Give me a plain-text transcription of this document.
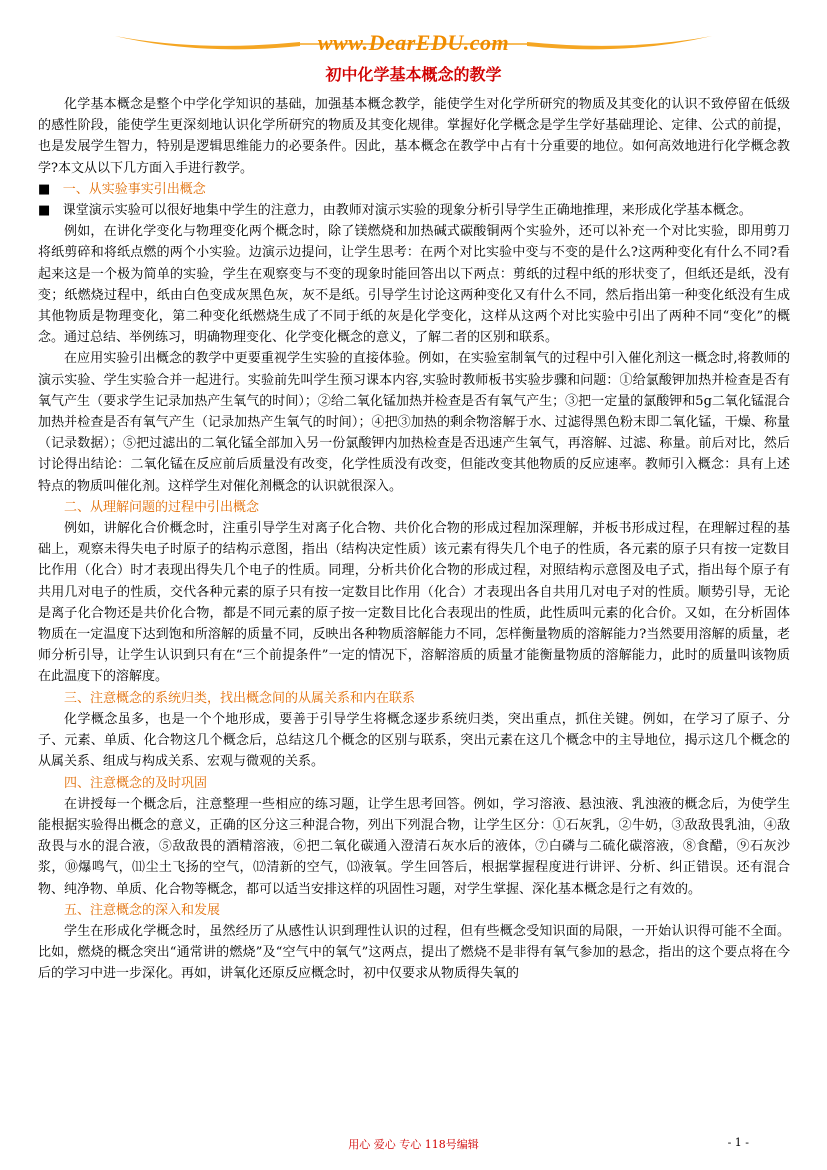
www.DearEDU.com
初中化学基本概念的教学

化学基本概念是整个中学化学知识的基础，加强基本概念教学，能使学生对化学所研究的物质及其变化的认识不致停留在低级的感性阶段，能使学生更深刻地认识化学所研究的物质及其变化规律。掌握好化学概念是学生学好基础理论、定律、公式的前提，也是发展学生智力，特别是逻辑思维能力的必要条件。因此，基本概念在教学中占有十分重要的地位。如何高效地进行化学概念教学?本文从以下几方面入手进行教学。

■ 一、从实验事实引出概念

■ 课堂演示实验可以很好地集中学生的注意力，由教师对演示实验的现象分析引导学生正确地推理，来形成化学基本概念。

例如，在讲化学变化与物理变化两个概念时，除了镁燃烧和加热碱式碳酸铜两个实验外，还可以补充一个对比实验，即用剪刀将纸剪碎和将纸点燃的两个小实验。边演示边提问，让学生思考：在两个对比实验中变与不变的是什么?这两种变化有什么不同?看起来这是一个极为简单的实验，学生在观察变与不变的现象时能回答出以下两点：剪纸的过程中纸的形状变了，但纸还是纸，没有变；纸燃烧过程中，纸由白色变成灰黑色灰，灰不是纸。引导学生讨论这两种变化又有什么不同，然后指出第一种变化纸没有生成其他物质是物理变化，第二种变化纸燃烧生成了不同于纸的灰是化学变化，这样从这两个对比实验中引出了两种不同“变化”的概念。通过总结、举例练习，明确物理变化、化学变化概念的意义，了解二者的区别和联系。

在应用实验引出概念的教学中更要重视学生实验的直接体验。例如，在实验室制氧气的过程中引入催化剂这一概念时,将教师的演示实验、学生实验合并一起进行。实验前先叫学生预习课本内容,实验时教师板书实验步骤和问题：①给氯酸钾加热并检查是否有氧气产生（要求学生记录加热产生氧气的时间）；②给二氧化锰加热并检查是否有氧气产生；③把一定量的氯酸钾和5g二氧化锰混合加热并检查是否有氧气产生（记录加热产生氧气的时间）；④把③加热的剩余物溶解于水、过滤得黑色粉末即二氧化锰，干燥、称量（记录数据）；⑤把过滤出的二氧化锰全部加入另一份氯酸钾内加热检查是否迅速产生氧气，再溶解、过滤、称量。前后对比，然后讨论得出结论：二氧化锰在反应前后质量没有改变，化学性质没有改变，但能改变其他物质的反应速率。教师引入概念：具有上述特点的物质叫催化剂。这样学生对催化剂概念的认识就很深入。

二、从理解问题的过程中引出概念

例如，讲解化合价概念时，注重引导学生对离子化合物、共价化合物的形成过程加深理解，并板书形成过程，在理解过程的基础上，观察未得失电子时原子的结构示意图，指出（结构决定性质）该元素有得失几个电子的性质，各元素的原子只有按一定数目比作用（化合）时才表现出得失几个电子的性质。同理，分析共价化合物的形成过程，对照结构示意图及电子式，指出每个原子有共用几对电子的性质，交代各种元素的原子只有按一定数目比作用（化合）才表现出各自共用几对电子对的性质。顺势引导，无论是离子化合物还是共价化合物，都是不同元素的原子按一定数目比化合表现出的性质，此性质叫元素的化合价。又如，在分析固体物质在一定温度下达到饱和所溶解的质量不同，反映出各种物质溶解能力不同，怎样衡量物质的溶解能力?当然要用溶解的质量，老师分析引导，让学生认识到只有在“三个前提条件”一定的情况下，溶解溶质的质量才能衡量物质的溶解能力，此时的质量叫该物质在此温度下的溶解度。

三、注意概念的系统归类，找出概念间的从属关系和内在联系

化学概念虽多，也是一个个地形成，要善于引导学生将概念逐步系统归类，突出重点，抓住关键。例如，在学习了原子、分子、元素、单质、化合物这几个概念后，总结这几个概念的区别与联系，突出元素在这几个概念中的主导地位，揭示这几个概念的从属关系、组成与构成关系、宏观与微观的关系。

四、注意概念的及时巩固

在讲授每一个概念后，注意整理一些相应的练习题，让学生思考回答。例如，学习溶液、悬浊液、乳浊液的概念后，为使学生能根据实验得出概念的意义，正确的区分这三种混合物，列出下列混合物，让学生区分：①石灰乳，②牛奶，③敌敌畏乳油，④敌敌畏与水的混合液，⑤敌敌畏的酒精溶液，⑥把二氧化碳通入澄清石灰水后的液体，⑦白磷与二硫化碳溶液，⑧食醋，⑨石灰沙浆，⑩爆鸣气，⑾尘土飞扬的空气，⑿清新的空气，⒀液氧。学生回答后，根据掌握程度进行讲评、分析、纠正错误。还有混合物、纯净物、单质、化合物等概念，都可以适当安排这样的巩固性习题，对学生掌握、深化基本概念是行之有效的。

五、注意概念的深入和发展

学生在形成化学概念时，虽然经历了从感性认识到理性认识的过程，但有些概念受知识面的局限，一开始认识得可能不全面。比如，燃烧的概念突出“通常讲的燃烧”及“空气中的氧气”这两点，提出了燃烧不是非得有氧气参加的悬念，指出的这个要点将在今后的学习中进一步深化。再如，讲氧化还原反应概念时，初中仅要求从物质得失氧的

用心 爱心 专心 118号编辑	- 1 -
